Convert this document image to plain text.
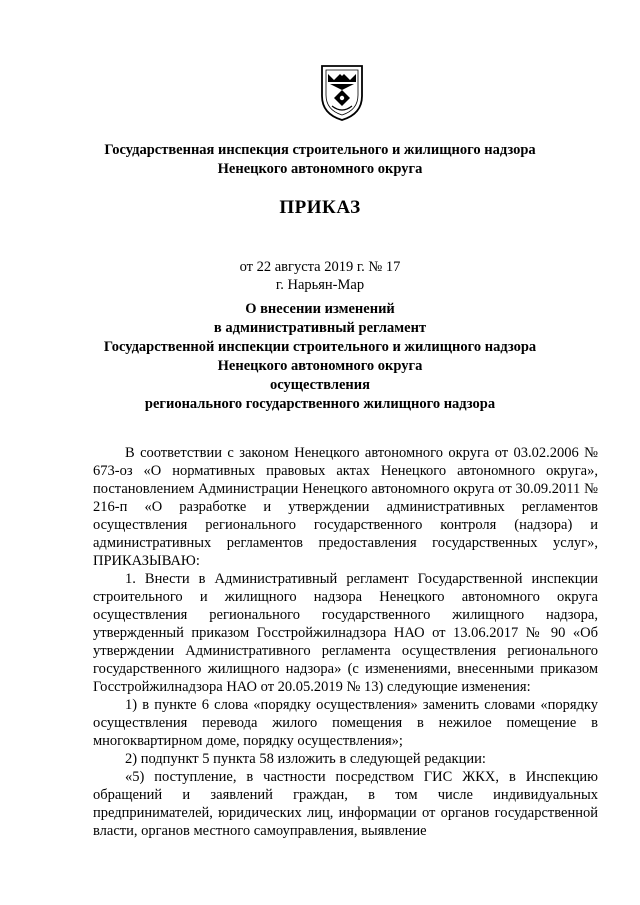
Государственная инспекция строительного и жилищного надзора
Ненецкого автономного округа
ПРИКАЗ
от 22 августа 2019 г. № 17
г. Нарьян-Мар
О внесении изменений
в административный регламент
Государственной инспекции строительного и жилищного надзора
Ненецкого автономного округа
осуществления
регионального государственного жилищного надзора

В соответствии с законом Ненецкого автономного округа от 03.02.2006 № 673-оз «О нормативных правовых актах Ненецкого автономного округа», постановлением Администрации Ненецкого автономного округа от 30.09.2011 № 216-п «О разработке и утверждении административных регламентов осуществления регионального государственного контроля (надзора) и административных регламентов предоставления государственных услуг», ПРИКАЗЫВАЮ:

1. Внести в Административный регламент Государственной инспекции строительного и жилищного надзора Ненецкого автономного округа осуществления регионального государственного жилищного надзора, утвержденный приказом Госстройжилнадзора НАО от 13.06.2017 № 90 «Об утверждении Административного регламента осуществления регионального государственного жилищного надзора» (с изменениями, внесенными приказом Госстройжилнадзора НАО от 20.05.2019 № 13) следующие изменения:

1) в пункте 6 слова «порядку осуществления» заменить словами «порядку осуществления перевода жилого помещения в нежилое помещение в многоквартирном доме, порядку осуществления»;

2) подпункт 5 пункта 58 изложить в следующей редакции:

«5) поступление, в частности посредством ГИС ЖКХ, в Инспекцию обращений и заявлений граждан, в том числе индивидуальных предпринимателей, юридических лиц, информации от органов государственной власти, органов местного самоуправления, выявление
